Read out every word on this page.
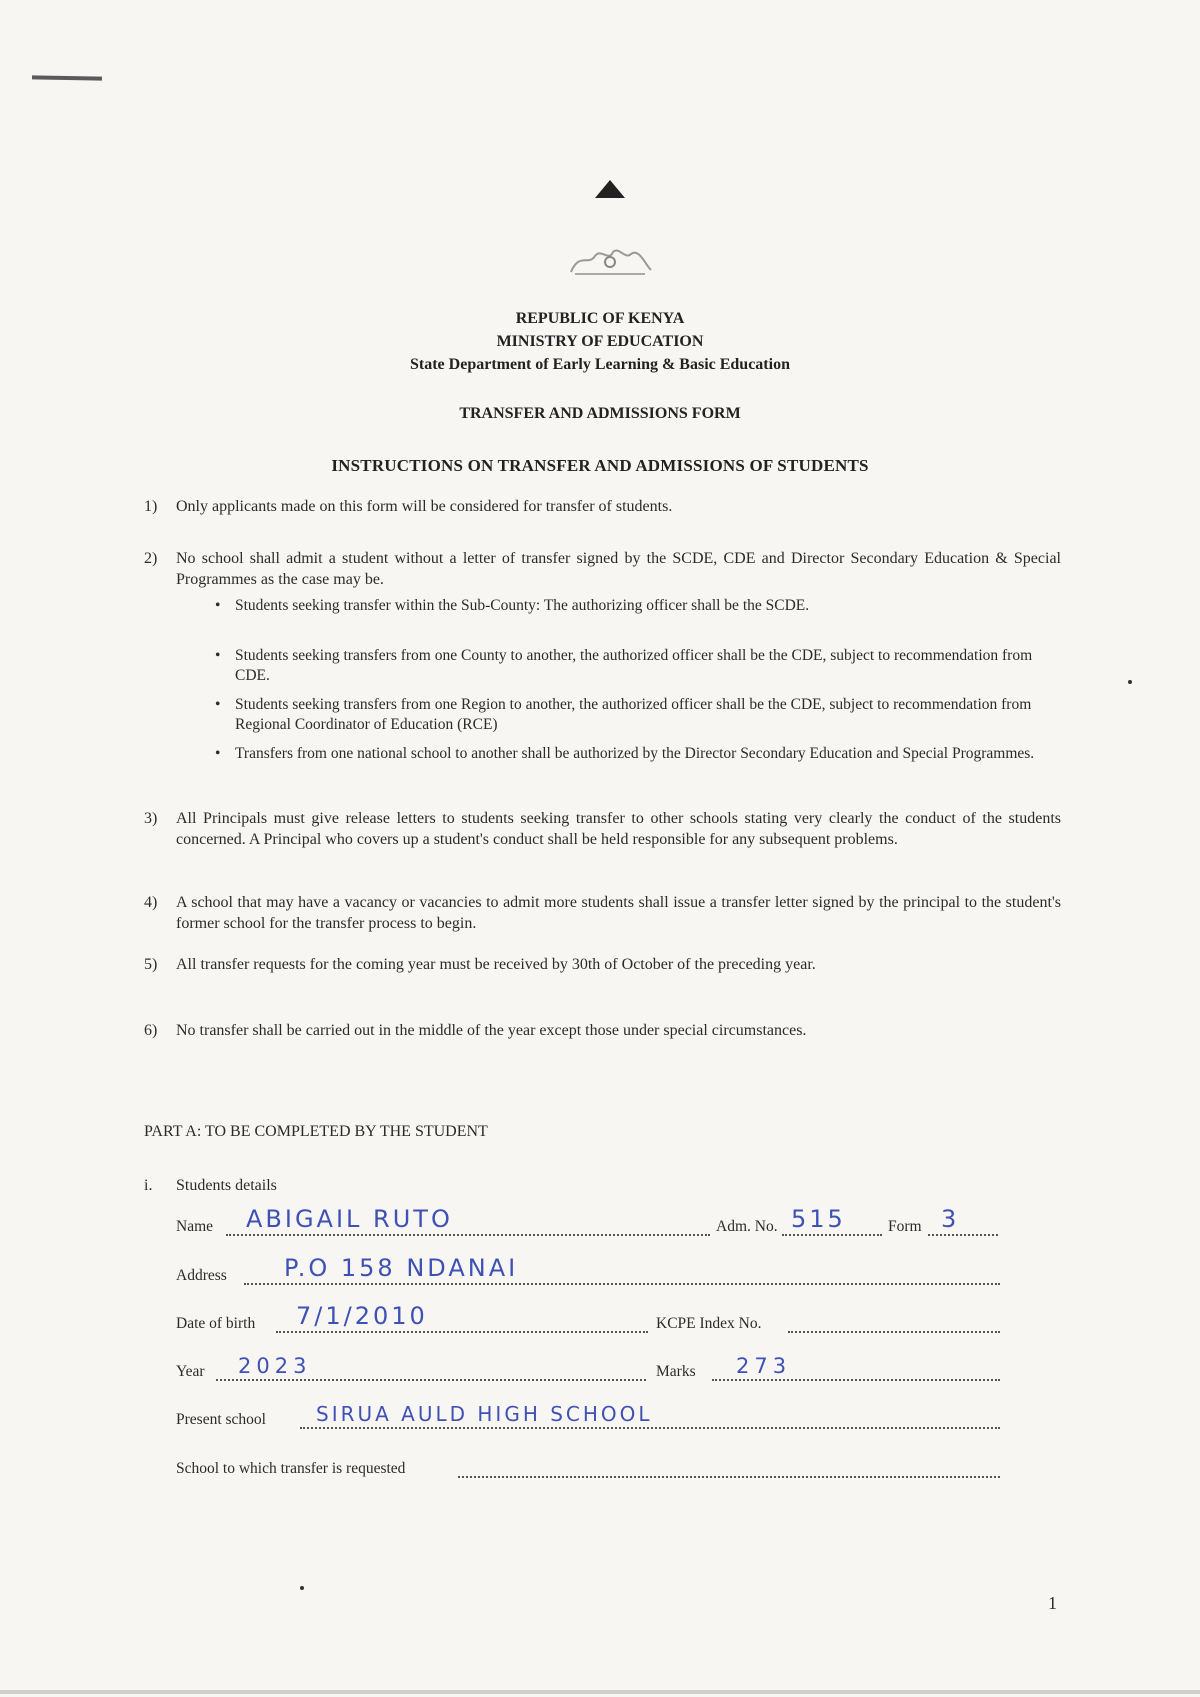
REPUBLIC OF KENYA
MINISTRY OF EDUCATION
State Department of Early Learning & Basic Education
TRANSFER AND ADMISSIONS FORM
INSTRUCTIONS ON TRANSFER AND ADMISSIONS OF STUDENTS
1) Only applicants made on this form will be considered for transfer of students.
2) No school shall admit a student without a letter of transfer signed by the SCDE, CDE and Director Secondary Education & Special Programmes as the case may be.
• Students seeking transfer within the Sub-County: The authorizing officer shall be the SCDE.
• Students seeking transfers from one County to another, the authorized officer shall be the CDE, subject to recommendation from CDE.
• Students seeking transfers from one Region to another, the authorized officer shall be the CDE, subject to recommendation from Regional Coordinator of Education (RCE)
• Transfers from one national school to another shall be authorized by the Director Secondary Education and Special Programmes.
3) All Principals must give release letters to students seeking transfer to other schools stating very clearly the conduct of the students concerned. A Principal who covers up a student's conduct shall be held responsible for any subsequent problems.
4) A school that may have a vacancy or vacancies to admit more students shall issue a transfer letter signed by the principal to the student's former school for the transfer process to begin.
5) All transfer requests for the coming year must be received by 30th of October of the preceding year.
6) No transfer shall be carried out in the middle of the year except those under special circumstances.
PART A: TO BE COMPLETED BY THE STUDENT
i. Students details
Name ABIGAIL RUTO	Adm. No. 515	Form 3
Address P.O 158 NDANAI
Date of birth 7/1/2010	KCPE Index No.
Year 2023	Marks 273
Present school	SIRUA AULD HIGH SCHOOL
School to which transfer is requested
1
